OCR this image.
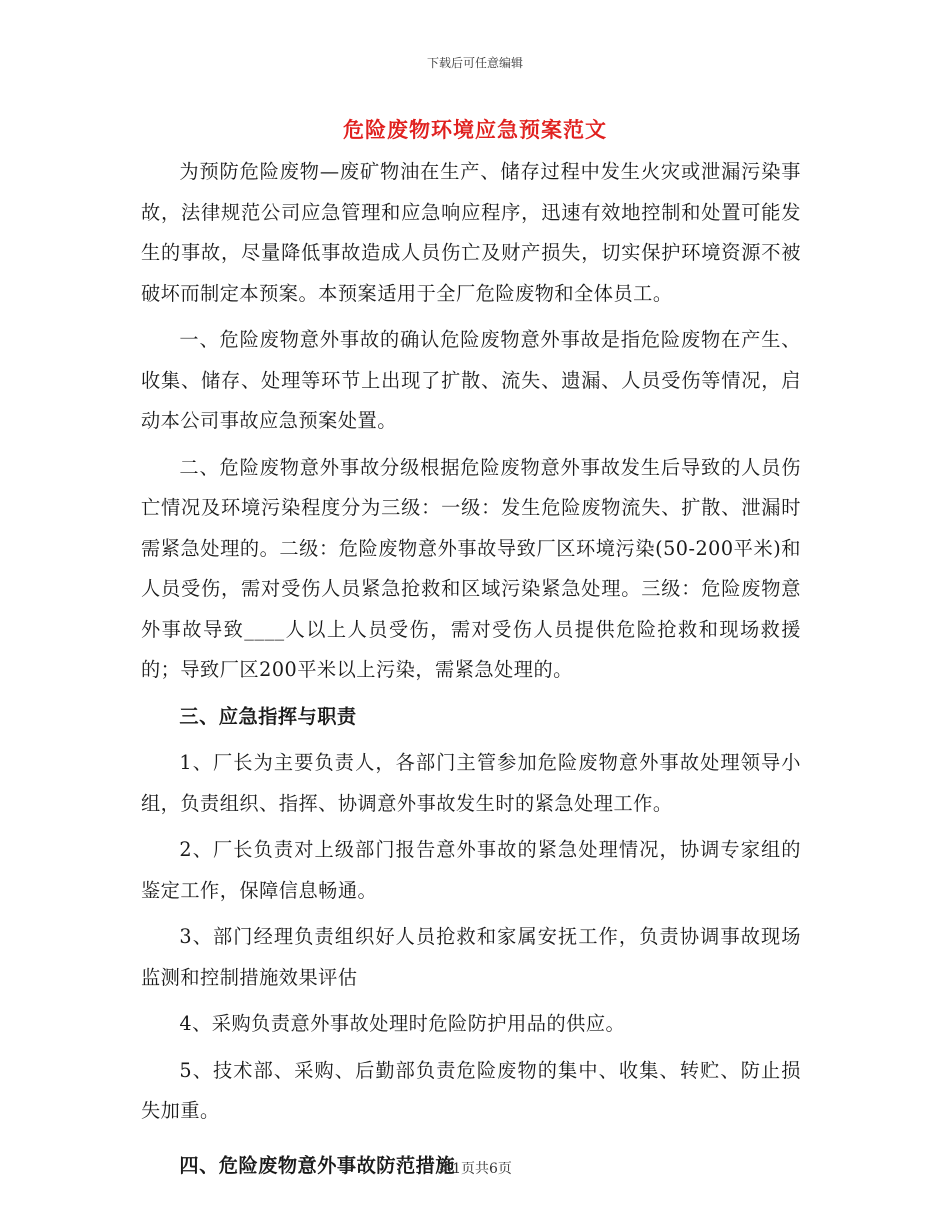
下载后可任意编辑
危险废物环境应急预案范文

为预防危险废物—废矿物油在生产、储存过程中发生火灾或泄漏污染事故，法律规范公司应急管理和应急响应程序，迅速有效地控制和处置可能发生的事故，尽量降低事故造成人员伤亡及财产损失，切实保护环境资源不被破坏而制定本预案。本预案适用于全厂危险废物和全体员工。

一、危险废物意外事故的确认危险废物意外事故是指危险废物在产生、收集、储存、处理等环节上出现了扩散、流失、遗漏、人员受伤等情况，启动本公司事故应急预案处置。

二、危险废物意外事故分级根据危险废物意外事故发生后导致的人员伤亡情况及环境污染程度分为三级：一级：发生危险废物流失、扩散、泄漏时需紧急处理的。二级：危险废物意外事故导致厂区环境污染(50-200平米)和人员受伤，需对受伤人员紧急抢救和区域污染紧急处理。三级：危险废物意外事故导致____人以上人员受伤，需对受伤人员提供危险抢救和现场救援的；导致厂区200平米以上污染，需紧急处理的。

三、应急指挥与职责

1、厂长为主要负责人，各部门主管参加危险废物意外事故处理领导小组，负责组织、指挥、协调意外事故发生时的紧急处理工作。

2、厂长负责对上级部门报告意外事故的紧急处理情况，协调专家组的鉴定工作，保障信息畅通。

3、部门经理负责组织好人员抢救和家属安抚工作，负责协调事故现场监测和控制措施效果评估

4、采购负责意外事故处理时危险防护用品的供应。

5、技术部、采购、后勤部负责危险废物的集中、收集、转贮、防止损失加重。

四、危险废物意外事故防范措施

第1页共6页
